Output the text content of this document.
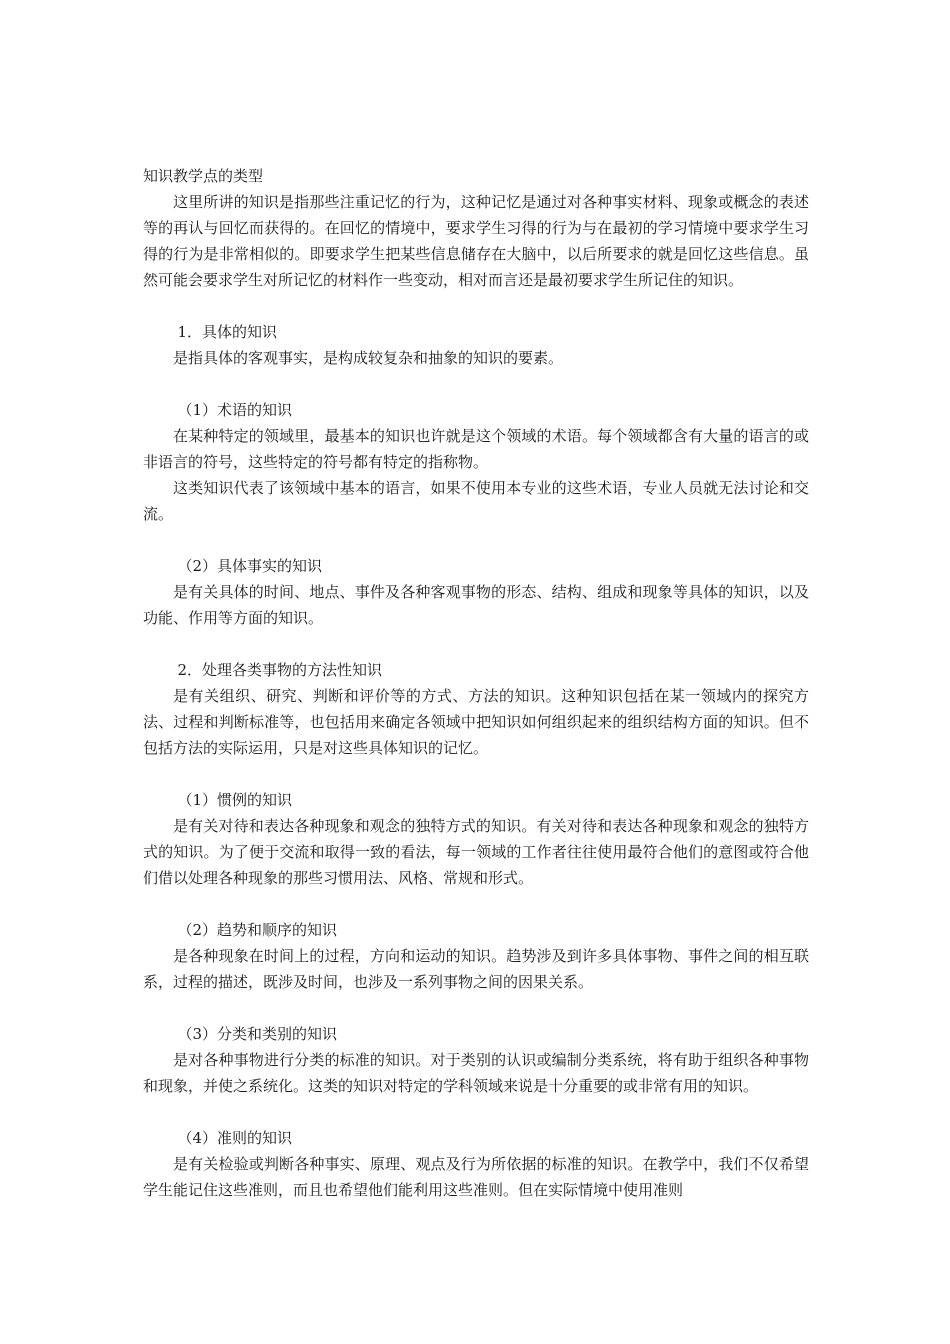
知识教学点的类型
这里所讲的知识是指那些注重记忆的行为，这种记忆是通过对各种事实材料、现象或概念的表述等的再认与回忆而获得的。在回忆的情境中，要求学生习得的行为与在最初的学习情境中要求学生习得的行为是非常相似的。即要求学生把某些信息储存在大脑中，以后所要求的就是回忆这些信息。虽然可能会要求学生对所记忆的材料作一些变动，相对而言还是最初要求学生所记住的知识。
1．具体的知识
是指具体的客观事实，是构成较复杂和抽象的知识的要素。
（1）术语的知识
在某种特定的领域里，最基本的知识也许就是这个领域的术语。每个领域都含有大量的语言的或非语言的符号，这些特定的符号都有特定的指称物。
这类知识代表了该领域中基本的语言，如果不使用本专业的这些术语，专业人员就无法讨论和交流。
（2）具体事实的知识
是有关具体的时间、地点、事件及各种客观事物的形态、结构、组成和现象等具体的知识，以及功能、作用等方面的知识。
2．处理各类事物的方法性知识
是有关组织、研究、判断和评价等的方式、方法的知识。这种知识包括在某一领域内的探究方法、过程和判断标准等，也包括用来确定各领域中把知识如何组织起来的组织结构方面的知识。但不包括方法的实际运用，只是对这些具体知识的记忆。
（1）惯例的知识
是有关对待和表达各种现象和观念的独特方式的知识。有关对待和表达各种现象和观念的独特方式的知识。为了便于交流和取得一致的看法，每一领域的工作者往往使用最符合他们的意图或符合他们借以处理各种现象的那些习惯用法、风格、常规和形式。
（2）趋势和顺序的知识
是各种现象在时间上的过程，方向和运动的知识。趋势涉及到许多具体事物、事件之间的相互联系，过程的描述，既涉及时间，也涉及一系列事物之间的因果关系。
（3）分类和类别的知识
是对各种事物进行分类的标准的知识。对于类别的认识或编制分类系统，将有助于组织各种事物和现象，并使之系统化。这类的知识对特定的学科领域来说是十分重要的或非常有用的知识。
（4）准则的知识
是有关检验或判断各种事实、原理、观点及行为所依据的标准的知识。在教学中，我们不仅希望学生能记住这些准则，而且也希望他们能利用这些准则。但在实际情境中使用准则
